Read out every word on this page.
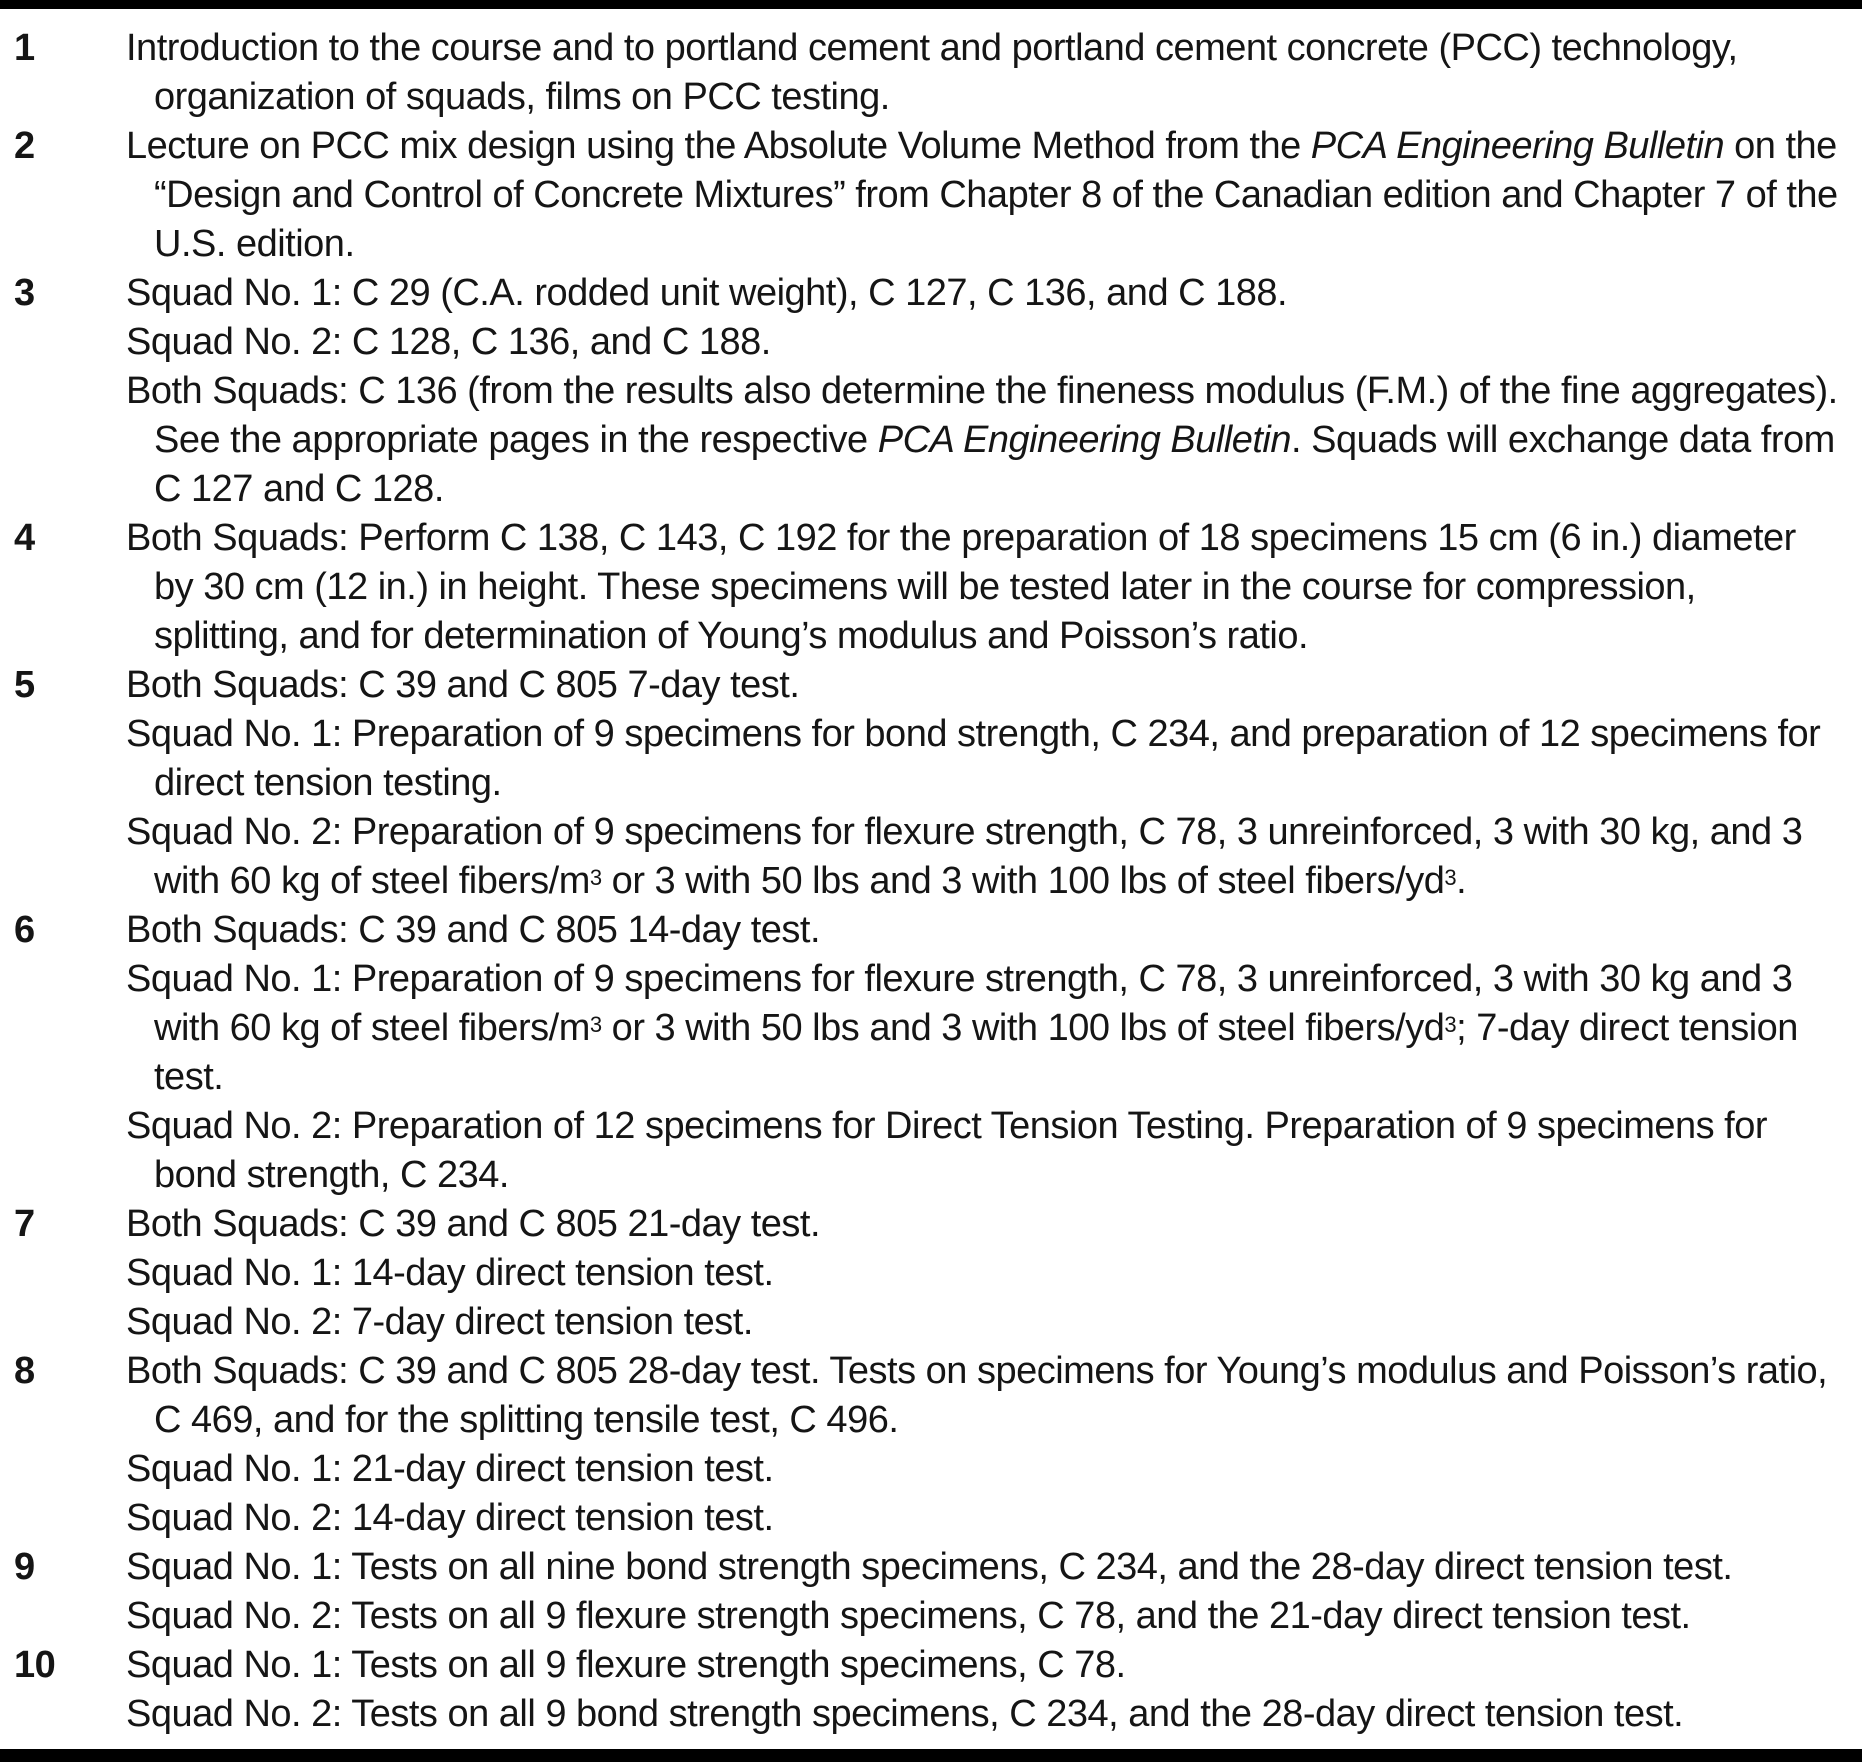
1	Introduction to the course and to portland cement and portland cement concrete (PCC) technology, organization of squads, films on PCC testing.
2	Lecture on PCC mix design using the Absolute Volume Method from the PCA Engineering Bulletin on the “Design and Control of Concrete Mixtures” from Chapter 8 of the Canadian edition and Chapter 7 of the U.S. edition.
3	Squad No. 1: C 29 (C.A. rodded unit weight), C 127, C 136, and C 188.
Squad No. 2: C 128, C 136, and C 188.
Both Squads: C 136 (from the results also determine the fineness modulus (F.M.) of the fine aggregates). See the appropriate pages in the respective PCA Engineering Bulletin. Squads will exchange data from C 127 and C 128.
4	Both Squads: Perform C 138, C 143, C 192 for the preparation of 18 specimens 15 cm (6 in.) diameter by 30 cm (12 in.) in height. These specimens will be tested later in the course for compression, splitting, and for determination of Young’s modulus and Poisson’s ratio.
5	Both Squads: C 39 and C 805 7-day test.
Squad No. 1: Preparation of 9 specimens for bond strength, C 234, and preparation of 12 specimens for direct tension testing.
Squad No. 2: Preparation of 9 specimens for flexure strength, C 78, 3 unreinforced, 3 with 30 kg, and 3 with 60 kg of steel fibers/$m^3$ or 3 with 50 lbs and 3 with 100 lbs of steel fibers/$yd^3$.
6	Both Squads: C 39 and C 805 14-day test.
Squad No. 1: Preparation of 9 specimens for flexure strength, C 78, 3 unreinforced, 3 with 30 kg and 3 with 60 kg of steel fibers/$m^3$ or 3 with 50 lbs and 3 with 100 lbs of steel fibers/$yd^3$; 7-day direct tension test.
Squad No. 2: Preparation of 12 specimens for Direct Tension Testing. Preparation of 9 specimens for bond strength, C 234.
7	Both Squads: C 39 and C 805 21-day test.
Squad No. 1: 14-day direct tension test.
Squad No. 2: 7-day direct tension test.
8	Both Squads: C 39 and C 805 28-day test. Tests on specimens for Young’s modulus and Poisson’s ratio, C 469, and for the splitting tensile test, C 496.
Squad No. 1: 21-day direct tension test.
Squad No. 2: 14-day direct tension test.
9	Squad No. 1: Tests on all nine bond strength specimens, C 234, and the 28-day direct tension test.
Squad No. 2: Tests on all 9 flexure strength specimens, C 78, and the 21-day direct tension test.
10	Squad No. 1: Tests on all 9 flexure strength specimens, C 78.
Squad No. 2: Tests on all 9 bond strength specimens, C 234, and the 28-day direct tension test.
